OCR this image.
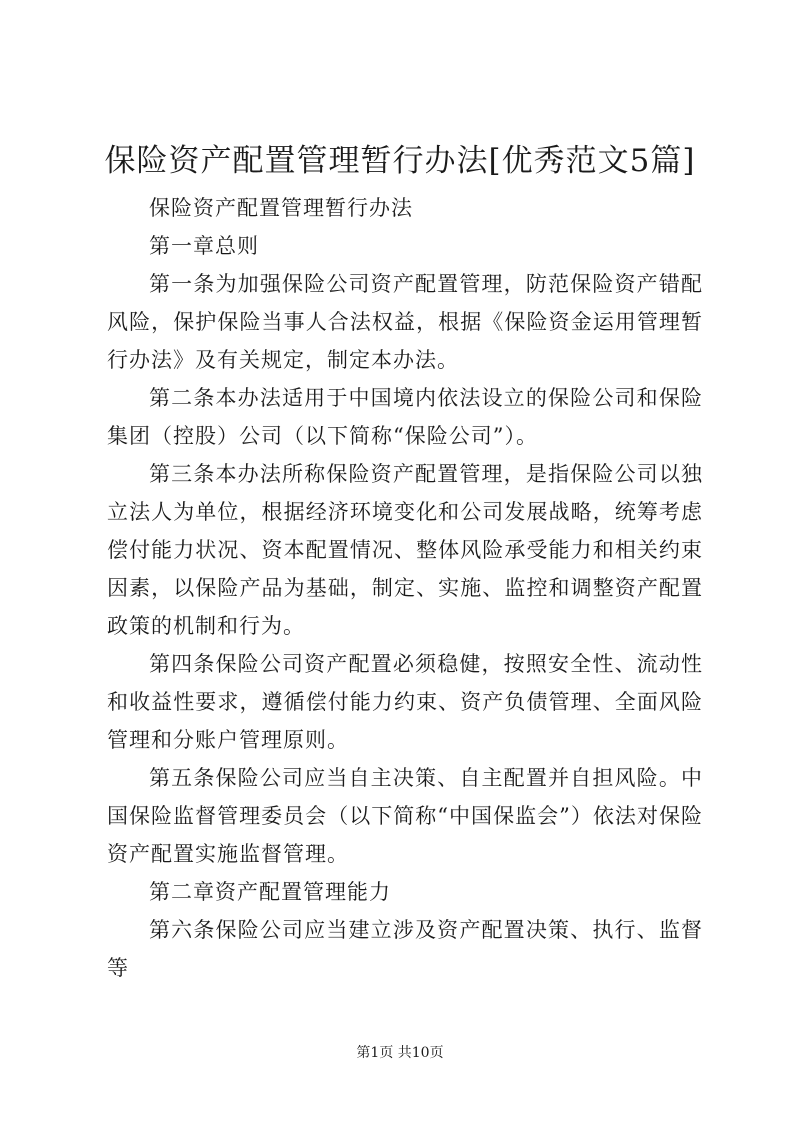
保险资产配置管理暂行办法[优秀范文5篇]

保险资产配置管理暂行办法

第一章总则

第一条为加强保险公司资产配置管理，防范保险资产错配风险，保护保险当事人合法权益，根据《保险资金运用管理暂行办法》及有关规定，制定本办法。

第二条本办法适用于中国境内依法设立的保险公司和保险集团（控股）公司（以下简称“保险公司”）。

第三条本办法所称保险资产配置管理，是指保险公司以独立法人为单位，根据经济环境变化和公司发展战略，统筹考虑偿付能力状况、资本配置情况、整体风险承受能力和相关约束因素，以保险产品为基础，制定、实施、监控和调整资产配置政策的机制和行为。

第四条保险公司资产配置必须稳健，按照安全性、流动性和收益性要求，遵循偿付能力约束、资产负债管理、全面风险管理和分账户管理原则。

第五条保险公司应当自主决策、自主配置并自担风险。中国保险监督管理委员会（以下简称“中国保监会”）依法对保险资产配置实施监督管理。

第二章资产配置管理能力

第六条保险公司应当建立涉及资产配置决策、执行、监督等

第1页 共10页
